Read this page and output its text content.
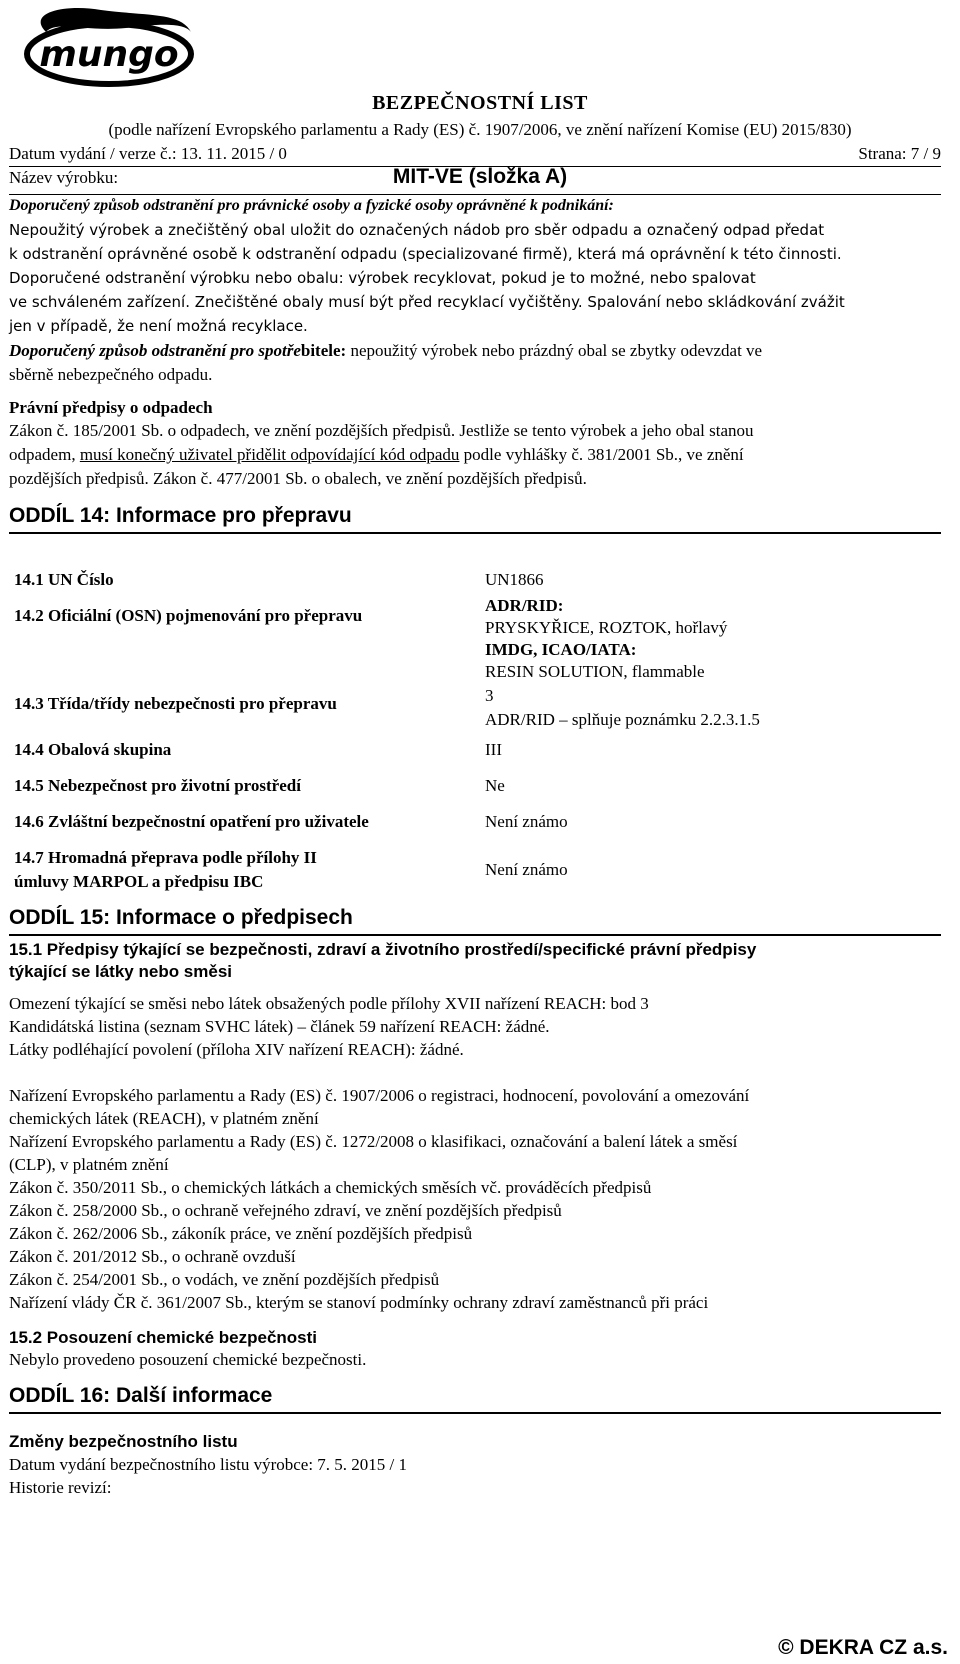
mungo
BEZPEČNOSTNÍ LIST
(podle nařízení Evropského parlamentu a Rady (ES) č. 1907/2006, ve znění nařízení Komise (EU) 2015/830)
Datum vydání / verze č.: 13. 11. 2015 / 0	Strana: 7 / 9
Název výrobku:	MIT-VE (složka A)
Doporučený způsob odstranění pro právnické osoby a fyzické osoby oprávněné k podnikání:
Nepoužitý výrobek a znečištěný obal uložit do označených nádob pro sběr odpadu a označený odpad předat
k odstranění oprávněné osobě k odstranění odpadu (specializované firmě), která má oprávnění k této činnosti.
Doporučené odstranění výrobku nebo obalu: výrobek recyklovat, pokud je to možné, nebo spalovat
ve schváleném zařízení. Znečištěné obaly musí být před recyklací vyčištěny. Spalování nebo skládkování zvážit
jen v případě, že není možná recyklace.
Doporučený způsob odstranění pro spotřebitele: nepoužitý výrobek nebo prázdný obal se zbytky odevzdat ve
sběrně nebezpečného odpadu.
Právní předpisy o odpadech
Zákon č. 185/2001 Sb. o odpadech, ve znění pozdějších předpisů. Jestliže se tento výrobek a jeho obal stanou
odpadem, musí konečný uživatel přidělit odpovídající kód odpadu podle vyhlášky č. 381/2001 Sb., ve znění
pozdějších předpisů. Zákon č. 477/2001 Sb. o obalech, ve znění pozdějších předpisů.
ODDÍL 14: Informace pro přepravu
14.1 UN Číslo	UN1866
14.2 Oficiální (OSN) pojmenování pro přepravu
ADR/RID:
PRYSKYŘICE, ROZTOK, hořlavý
IMDG, ICAO/IATA:
RESIN SOLUTION, flammable
14.3 Třída/třídy nebezpečnosti pro přepravu	3
ADR/RID – splňuje poznámku 2.2.3.1.5
14.4 Obalová skupina	III
14.5 Nebezpečnost pro životní prostředí	Ne
14.6 Zvláštní bezpečnostní opatření pro uživatele	Není známo
14.7 Hromadná přeprava podle přílohy II
úmluvy MARPOL a předpisu IBC
Není známo
ODDÍL 15: Informace o předpisech
15.1 Předpisy týkající se bezpečnosti, zdraví a životního prostředí/specifické právní předpisy
týkající se látky nebo směsi
Omezení týkající se směsi nebo látek obsažených podle přílohy XVII nařízení REACH: bod 3
Kandidátská listina (seznam SVHC látek) – článek 59 nařízení REACH: žádné.
Látky podléhající povolení (příloha XIV nařízení REACH): žádné.
Nařízení Evropského parlamentu a Rady (ES) č. 1907/2006 o registraci, hodnocení, povolování a omezování
chemických látek (REACH), v platném znění
Nařízení Evropského parlamentu a Rady (ES) č. 1272/2008 o klasifikaci, označování a balení látek a směsí
(CLP), v platném znění
Zákon č. 350/2011 Sb., o chemických látkách a chemických směsích vč. prováděcích předpisů
Zákon č. 258/2000 Sb., o ochraně veřejného zdraví, ve znění pozdějších předpisů
Zákon č. 262/2006 Sb., zákoník práce, ve znění pozdějších předpisů
Zákon č. 201/2012 Sb., o ochraně ovzduší
Zákon č. 254/2001 Sb., o vodách, ve znění pozdějších předpisů
Nařízení vlády ČR č. 361/2007 Sb., kterým se stanoví podmínky ochrany zdraví zaměstnanců při práci
15.2 Posouzení chemické bezpečnosti
Nebylo provedeno posouzení chemické bezpečnosti.
ODDÍL 16: Další informace
Změny bezpečnostního listu
Datum vydání bezpečnostního listu výrobce: 7. 5. 2015 / 1
Historie revizí:
© DEKRA CZ a.s.
